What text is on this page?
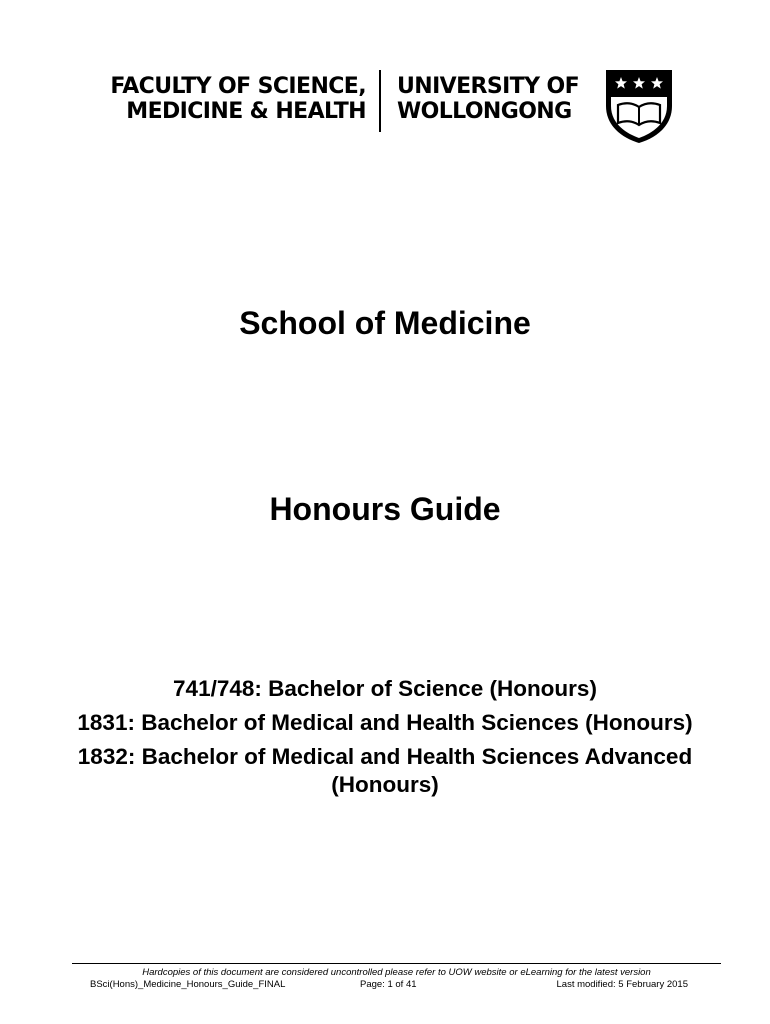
FACULTY OF SCIENCE,
MEDICINE & HEALTH
UNIVERSITY OF
WOLLONGONG
School of Medicine
Honours Guide

741/748: Bachelor of Science (Honours)

1831: Bachelor of Medical and Health Sciences (Honours)

1832: Bachelor of Medical and Health Sciences Advanced (Honours)

Hardcopies of this document are considered uncontrolled please refer to UOW website or eLearning for the latest version
BSci(Hons)_Medicine_Honours_Guide_FINAL	Page: 1 of 41	Last modified: 5 February 2015
